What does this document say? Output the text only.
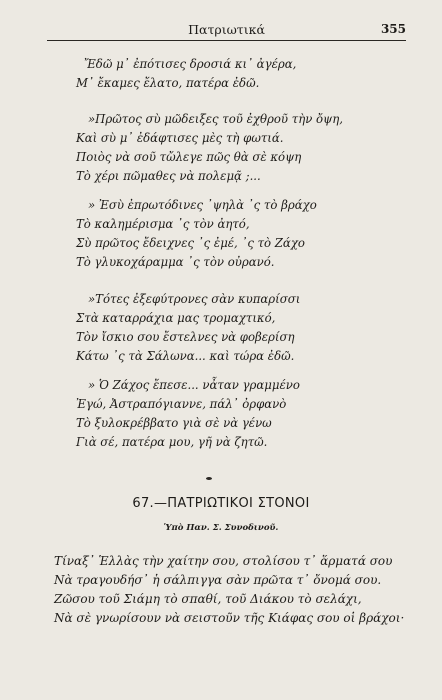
Πατριωτικά	355
Ἔδῶ μ᾽ ἐπότισες δροσιά κι᾽ ἀγέρα,
Μ᾽ ἔκαμες ἔλατο, πατέρα ἐδῶ.
»Πρῶτος σὺ μῶδειξες τοῦ ἐχθροῦ τὴν ὄψη,
Καὶ σὺ μ᾽ ἐδάφτισες μὲς τὴ φωτιά.
Ποιὸς νὰ σοῦ τὤλεγε πῶς θὰ σὲ κόψη
Τὸ χέρι πῶμαθες νὰ πολεμᾷ ;...
» Ἐσὺ ἐπρωτόδινες ᾽ψηλὰ ᾽ς τὸ βράχο
Τὸ καλημέρισμα ᾽ς τὸν ἀητό,
Σὺ πρῶτος ἔδειχνες ᾽ς ἐμέ, ᾽ς τὸ Ζάχο
Τὸ γλυκοχάραμμα ᾽ς τὸν οὐρανό.
»Τότες ἐξεφύτρονες σὰν κυπαρίσσι
Στὰ καταρράχια μας τρομαχτικό,
Τὸν ἴσκιο σου ἔστελνες νὰ φοβερίση
Κάτω ᾽ς τὰ Σάλωνα... καὶ τώρα ἐδῶ.
» Ὁ Ζάχος ἔπεσε... νἆταν γραμμένο
Ἐγώ, Ἀστραπόγιαννε, πάλ᾽ ὀρφανὸ
Τὸ ξυλοκρέββατο γιὰ σὲ νὰ γένω
Γιὰ σέ, πατέρα μου, γῆ νὰ ζητῶ.
67.—ΠΑΤΡΙΩΤΙΚΟΙ ΣΤΟΝΟΙ
Ὑπὸ Παν. Σ. Συνοδινοῦ.
Τίναξ᾽ Ἑλλὰς τὴν χαίτην σου, στολίσου τ᾽ ἅρματά σου
Νὰ τραγουδήσ᾽ ἡ σάλπιγγα σὰν πρῶτα τ᾽ ὄνομά σου.
Ζῶσου τοῦ Σιάμη τὸ σπαθί, τοῦ Διάκου τὸ σελάχι,
Νὰ σὲ γνωρίσουν νὰ σειστοῦν τῆς Κιάφας σου οἱ βράχοι·
